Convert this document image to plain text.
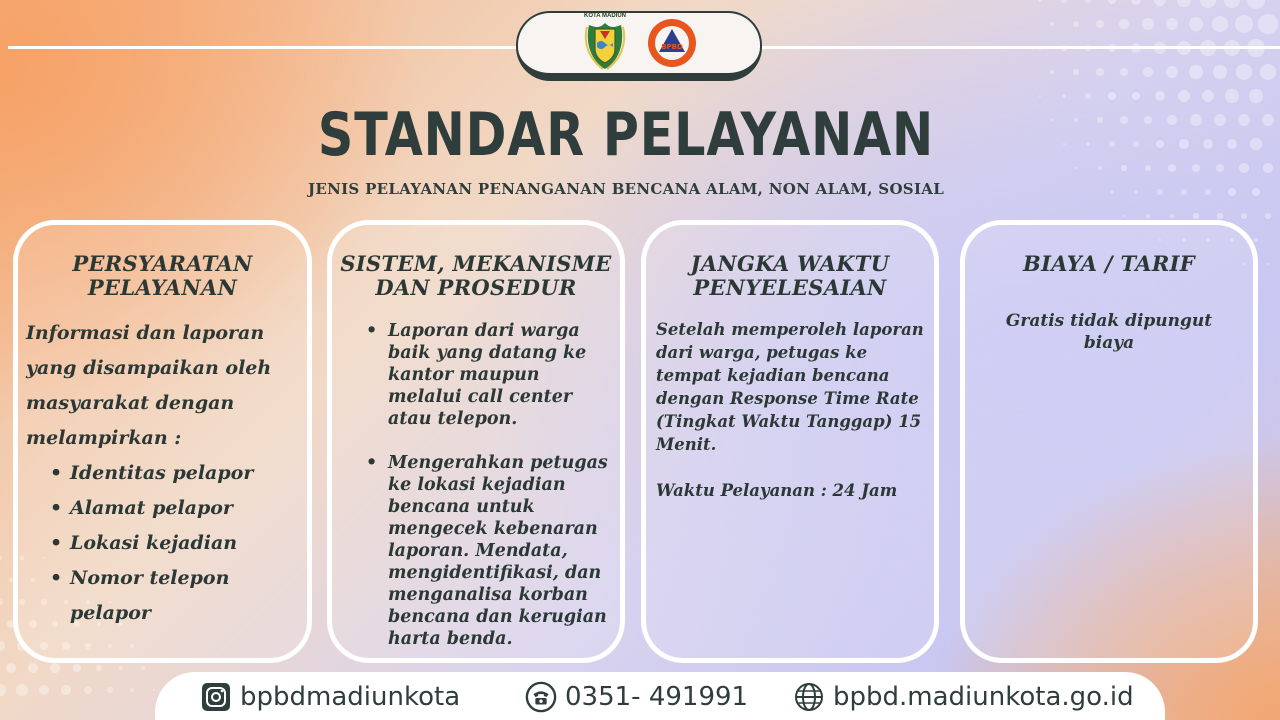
KOTA MADIUN
BPBD
STANDAR PELAYANAN
JENIS PELAYANAN PENANGANAN BENCANA ALAM, NON ALAM, SOSIAL
PERSYARATAN
PELAYANAN
Informasi dan laporan yang disampaikan oleh masyarakat dengan melampirkan :
• Identitas pelapor
• Alamat pelapor
• Lokasi kejadian
• Nomor telepon pelapor
SISTEM, MEKANISME
DAN PROSEDUR
• Laporan dari warga baik yang datang ke kantor maupun melalui call center atau telepon.
• Mengerahkan petugas ke lokasi kejadian bencana untuk mengecek kebenaran laporan. Mendata, mengidentifikasi, dan menganalisa korban bencana dan kerugian harta benda.
JANGKA WAKTU
PENYELESAIAN
Setelah memperoleh laporan dari warga, petugas ke tempat kejadian bencana dengan Response Time Rate (Tingkat Waktu Tanggap) 15 Menit.
Waktu Pelayanan : 24 Jam
BIAYA / TARIF
Gratis tidak dipungut biaya
bpbdmadiunkota	0351- 491991	bpbd.madiunkota.go.id
